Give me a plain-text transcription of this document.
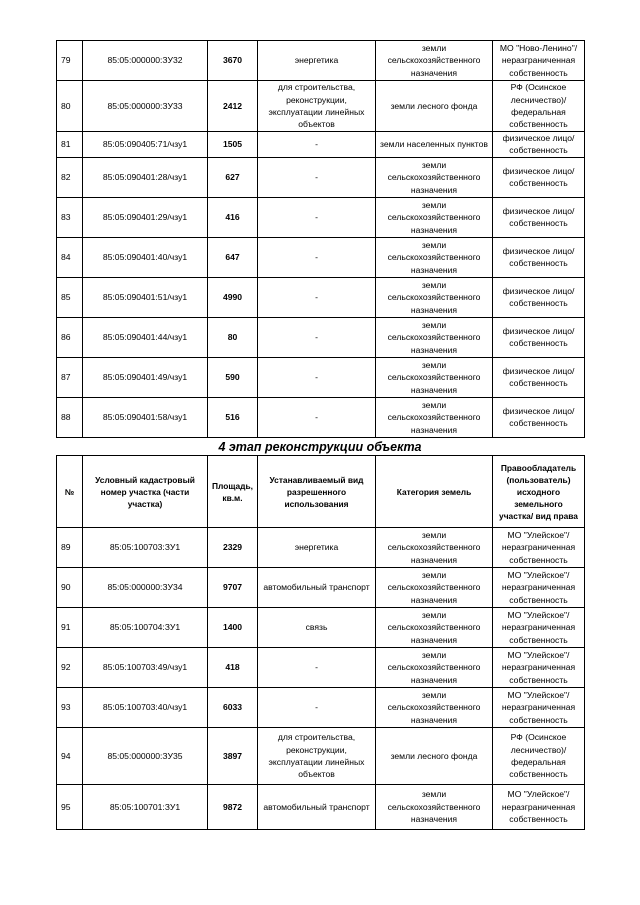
79	85:05:000000:ЗУ32	3670	энергетика	земли сельскохозяйственного назначения	МО "Ново-Ленино"/ неразграниченная собственность
80	85:05:000000:ЗУ33	2412	для строительства, реконструкции, эксплуатации линейных объектов	земли лесного фонда	РФ (Осинское лесничество)/ федеральная собственность
81	85:05:090405:71/чзу1	1505	-	земли населенных пунктов	физическое лицо/ собственность
82	85:05:090401:28/чзу1	627	-	земли сельскохозяйственного назначения	физическое лицо/ собственность
83	85:05:090401:29/чзу1	416	-	земли сельскохозяйственного назначения	физическое лицо/ собственность
84	85:05:090401:40/чзу1	647	-	земли сельскохозяйственного назначения	физическое лицо/ собственность
85	85:05:090401:51/чзу1	4990	-	земли сельскохозяйственного назначения	физическое лицо/ собственность
86	85:05:090401:44/чзу1	80	-	земли сельскохозяйственного назначения	физическое лицо/ собственность
87	85:05:090401:49/чзу1	590	-	земли сельскохозяйственного назначения	физическое лицо/ собственность
88	85:05:090401:58/чзу1	516	-	земли сельскохозяйственного назначения	физическое лицо/ собственность
4 этап реконструкции объекта
№	Условный кадастровый номер участка (части участка)	Площадь, кв.м.	Устанавливаемый вид разрешенного использования	Категория земель	Правообладатель (пользователь) исходного земельного участка/ вид права
89	85:05:100703:ЗУ1	2329	энергетика	земли сельскохозяйственного назначения	МО "Улейское"/ неразграниченная собственность
90	85:05:000000:ЗУ34	9707	автомобильный транспорт	земли сельскохозяйственного назначения	МО "Улейское"/ неразграниченная собственность
91	85:05:100704:ЗУ1	1400	связь	земли сельскохозяйственного назначения	МО "Улейское"/ неразграниченная собственность
92	85:05:100703:49/чзу1	418	-	земли сельскохозяйственного назначения	МО "Улейское"/ неразграниченная собственность
93	85:05:100703:40/чзу1	6033	-	земли сельскохозяйственного назначения	МО "Улейское"/ неразграниченная собственность
94	85:05:000000:ЗУ35	3897	для строительства, реконструкции, эксплуатации линейных объектов	земли лесного фонда	РФ (Осинское лесничество)/ федеральная собственность
95	85:05:100701:ЗУ1	9872	автомобильный транспорт	земли сельскохозяйственного назначения	МО "Улейское"/ неразграниченная собственность
